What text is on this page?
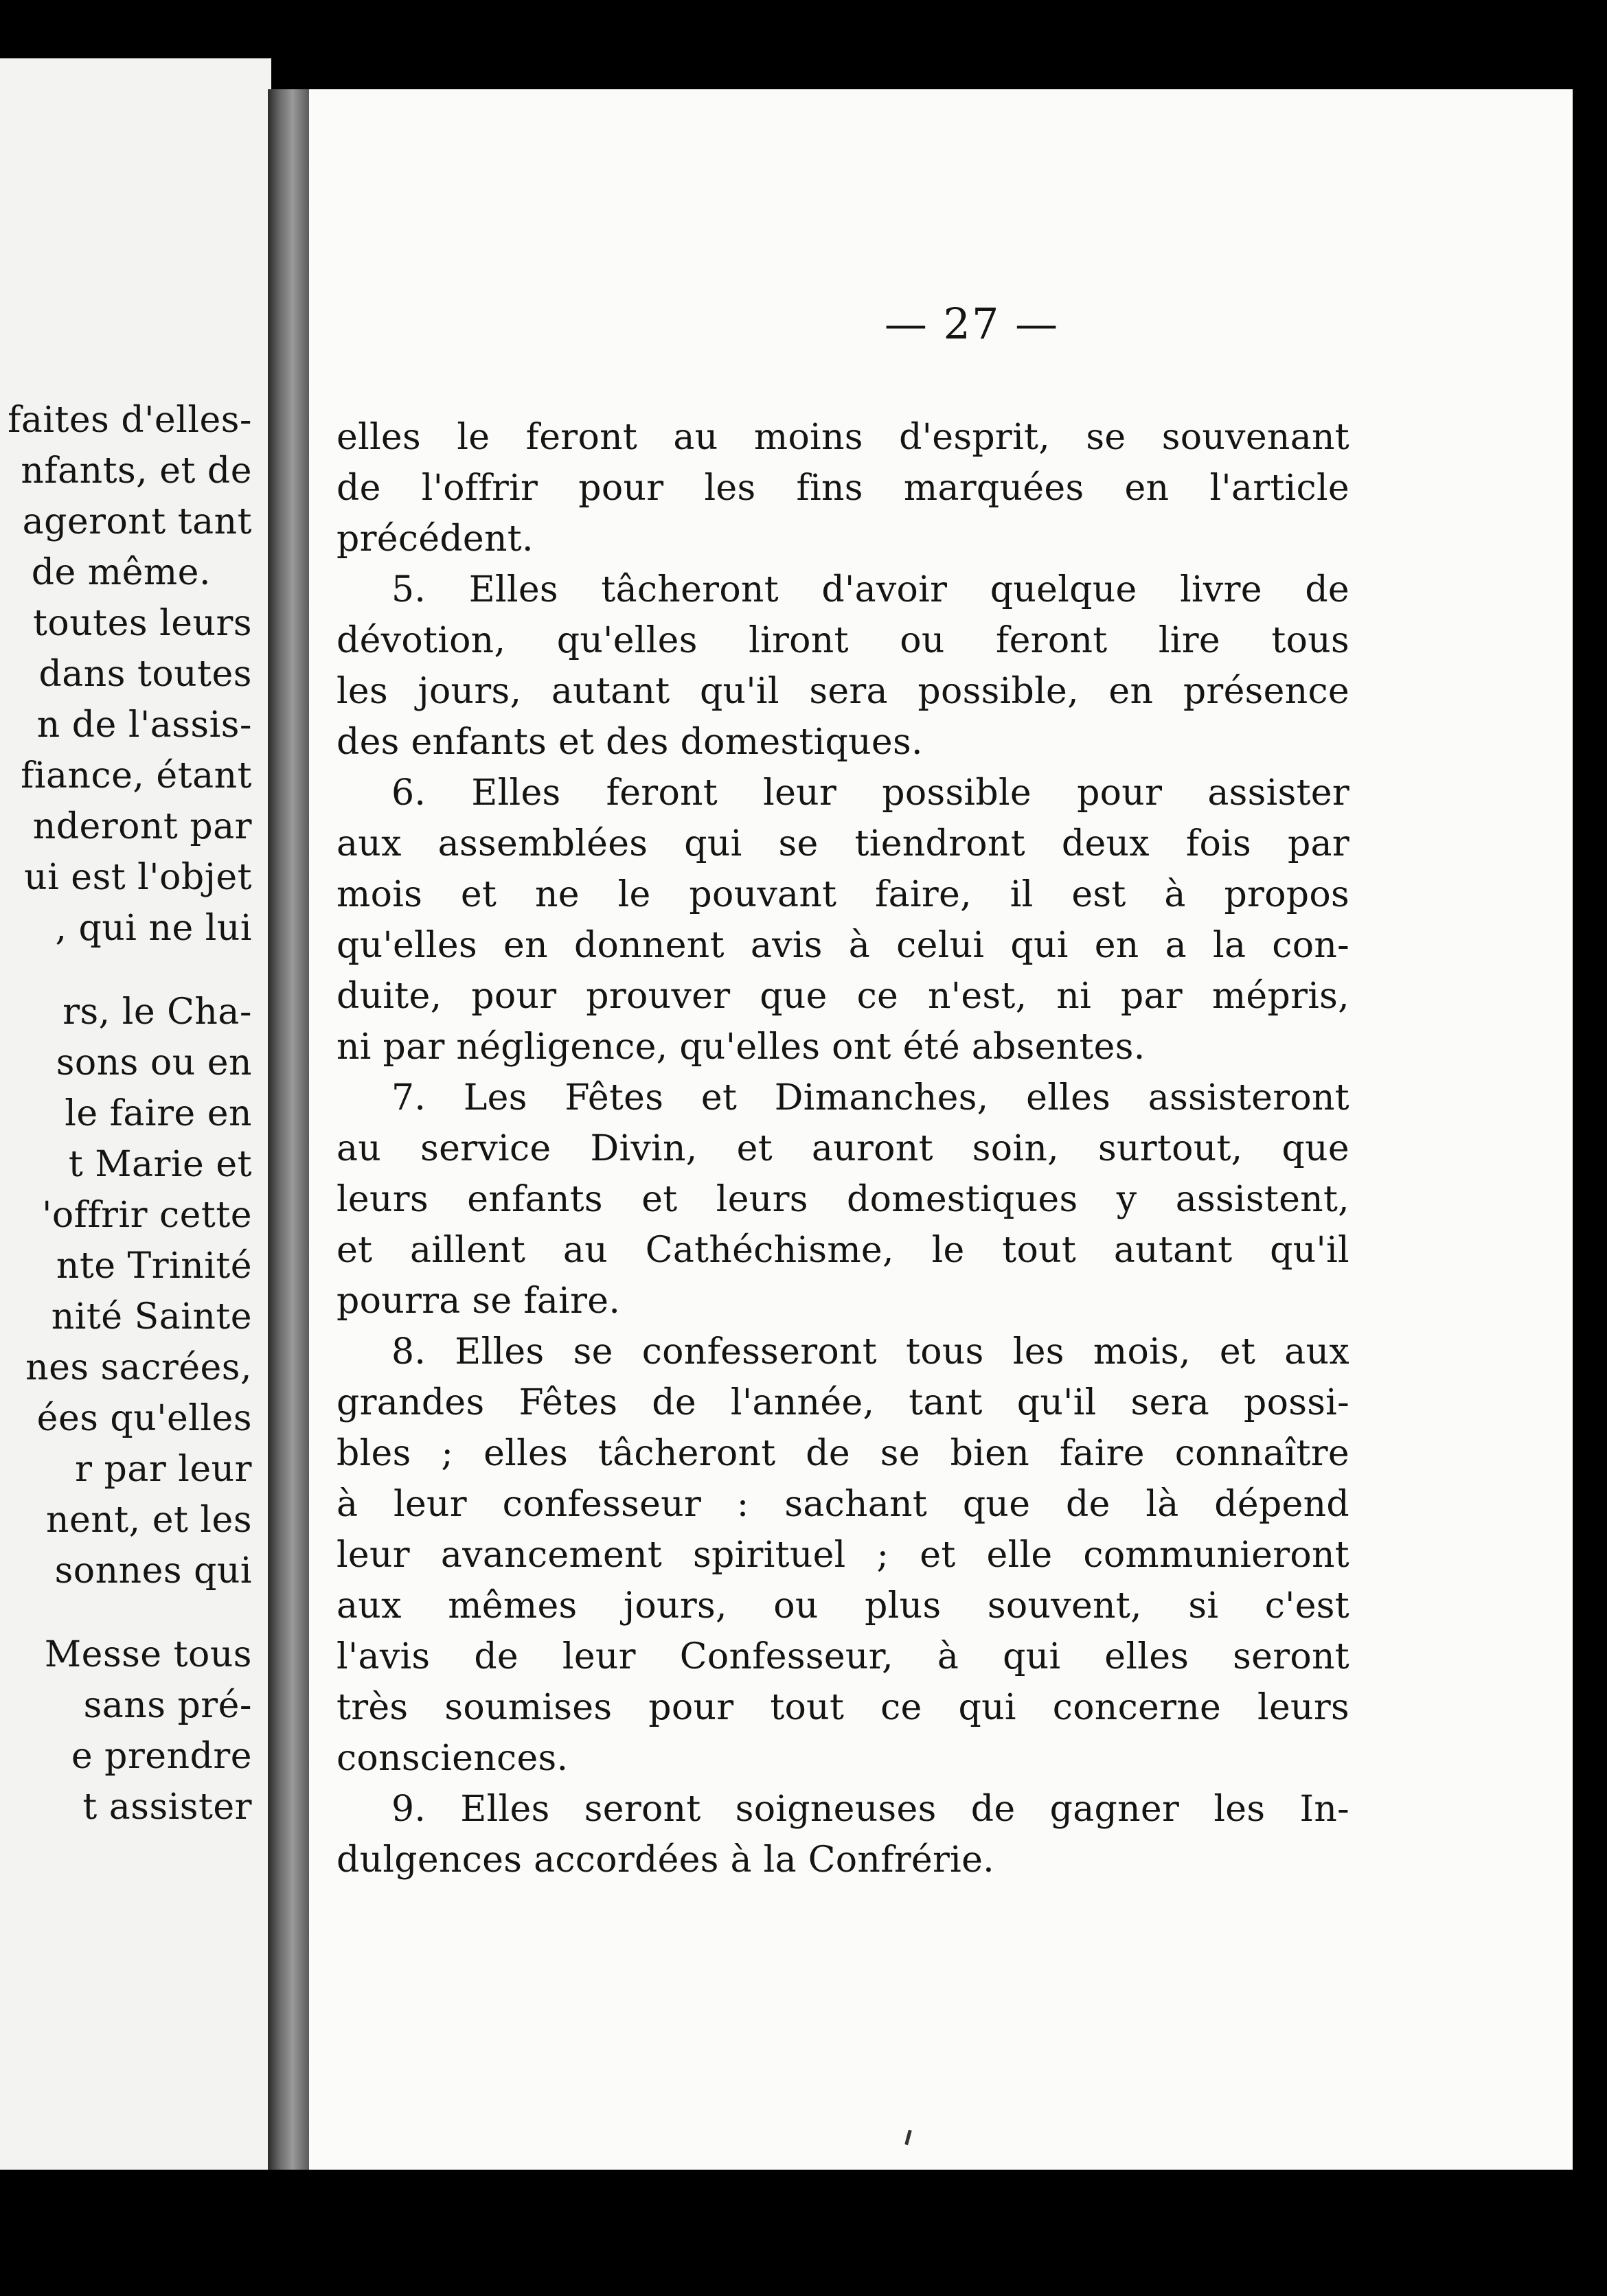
faites d'elles-
nfants, et de
ageront tant
de même.
toutes leurs
dans toutes
n de l'assis-
fiance, étant
nderont par
ui est l'objet
, qui ne lui
rs, le Cha-
sons ou en
le faire en
t Marie et
'offrir cette
nte Trinité
nité Sainte
nes sacrées,
ées qu'elles
r par leur
nent, et les
sonnes qui
Messe tous
sans pré-
e prendre
t assister
— 27 —
elles le feront au moins d'esprit, se souvenant
de l'offrir pour les fins marquées en l'article
précédent.
5. Elles tâcheront d'avoir quelque livre de
dévotion, qu'elles liront ou feront lire tous
les jours, autant qu'il sera possible, en présence
des enfants et des domestiques.
6. Elles feront leur possible pour assister
aux assemblées qui se tiendront deux fois par
mois et ne le pouvant faire, il est à propos
qu'elles en donnent avis à celui qui en a la con-
duite, pour prouver que ce n'est, ni par mépris,
ni par négligence, qu'elles ont été absentes.
7. Les Fêtes et Dimanches, elles assisteront
au service Divin, et auront soin, surtout, que
leurs enfants et leurs domestiques y assistent,
et aillent au Cathéchisme, le tout autant qu'il
pourra se faire.
8. Elles se confesseront tous les mois, et aux
grandes Fêtes de l'année, tant qu'il sera possi-
bles ; elles tâcheront de se bien faire connaître
à leur confesseur : sachant que de là dépend
leur avancement spirituel ; et elle communieront
aux mêmes jours, ou plus souvent, si c'est
l'avis de leur Confesseur, à qui elles seront
très soumises pour tout ce qui concerne leurs
consciences.
9. Elles seront soigneuses de gagner les In-
dulgences accordées à la Confrérie.
